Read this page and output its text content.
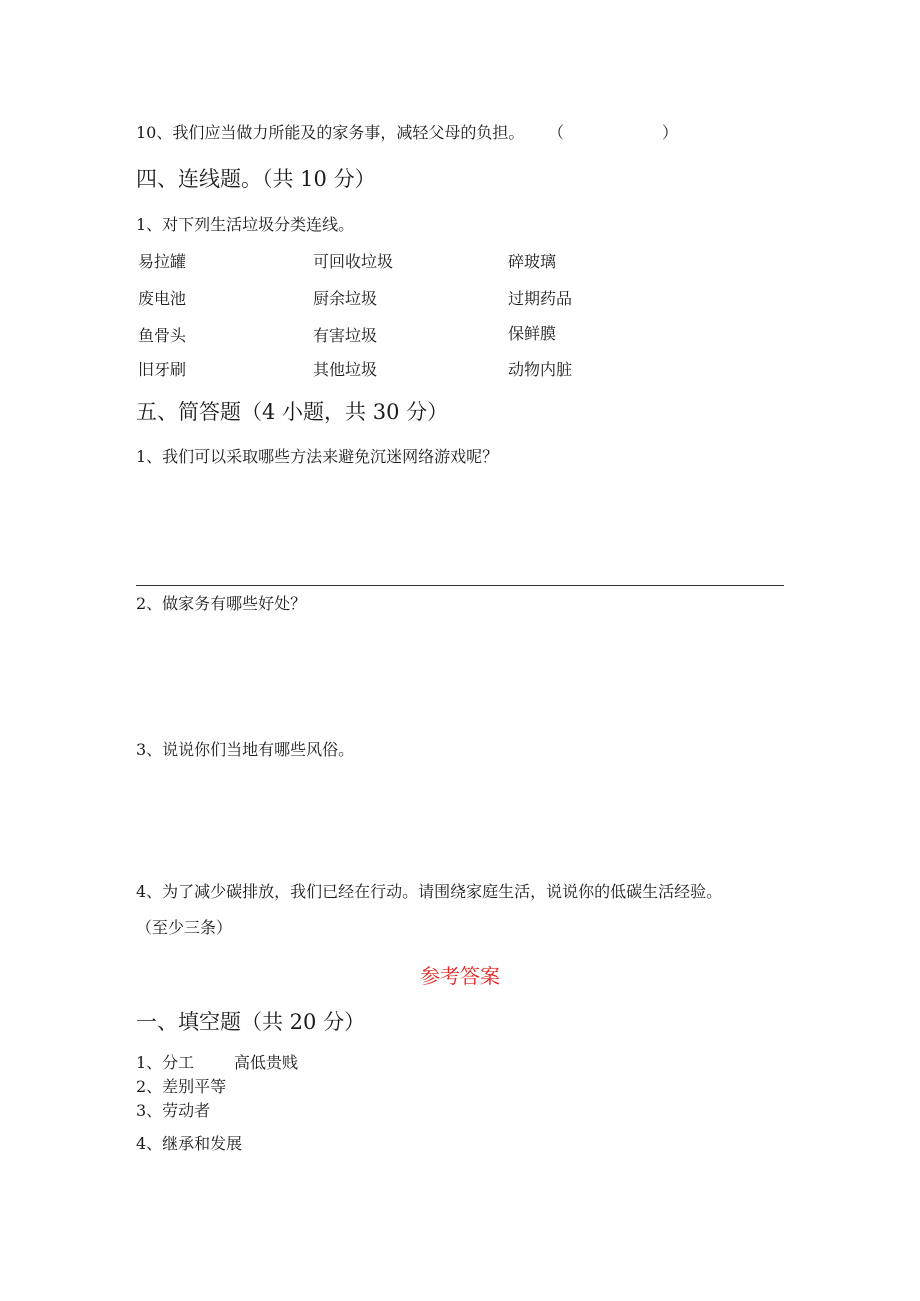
10、我们应当做力所能及的家务事，减轻父母的负担。 （	）
四、连线题。（共 10 分）
1、对下列生活垃圾分类连线。
易拉罐
废电池
鱼骨头
旧牙刷
可回收垃圾
厨余垃圾
有害垃圾
其他垃圾
碎玻璃
过期药品
保鲜膜
动物内脏
五、简答题（4 小题，共 30 分）
1、我们可以采取哪些方法来避免沉迷网络游戏呢？
2、做家务有哪些好处？
3、说说你们当地有哪些风俗。
4、为了减少碳排放，我们已经在行动。请围绕家庭生活，说说你的低碳生活经验。
（至少三条）
参考答案
一、填空题（共 20 分）
1、分工 高低贵贱
2、差别平等
3、劳动者
4、继承和发展
